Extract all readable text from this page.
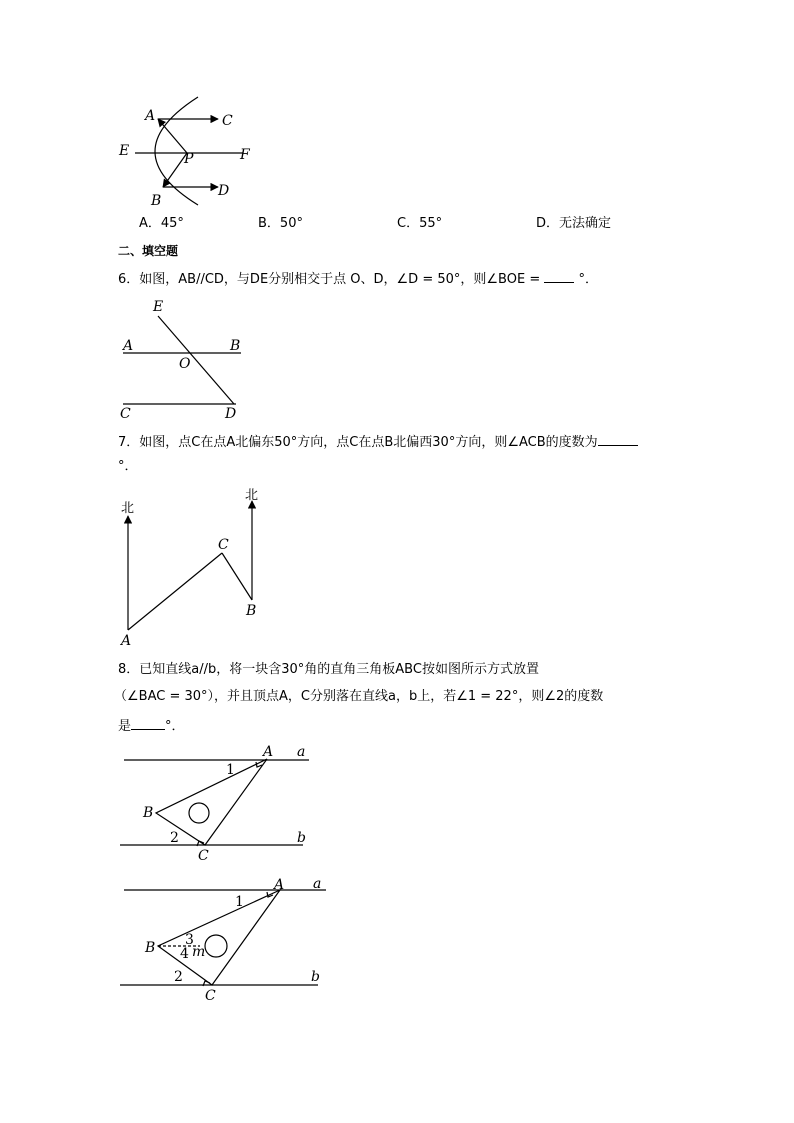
A	C
E	P	F
B
D
E
A	B
O
C	D
北
北
C
B
A
A a
1
B
2	b
C
A a
1
B 3
4 m
2	b
C
A．45°	B．50°	C．55°	D．无法确定
二、填空题
6．如图，AB//CD，与DE分别相交于点 O、D，∠D = 50°，则∠BOE =  °．
7．如图，点C在点A北偏东50°方向，点C在点B北偏西30°方向，则∠ACB的度数为
°．
8．已知直线a//b，将一块含30°角的直角三角板ABC按如图所示方式放置
（∠BAC = 30°），并且顶点A，C分别落在直线a，b上，若∠1 = 22°，则∠2的度数
是	°．
